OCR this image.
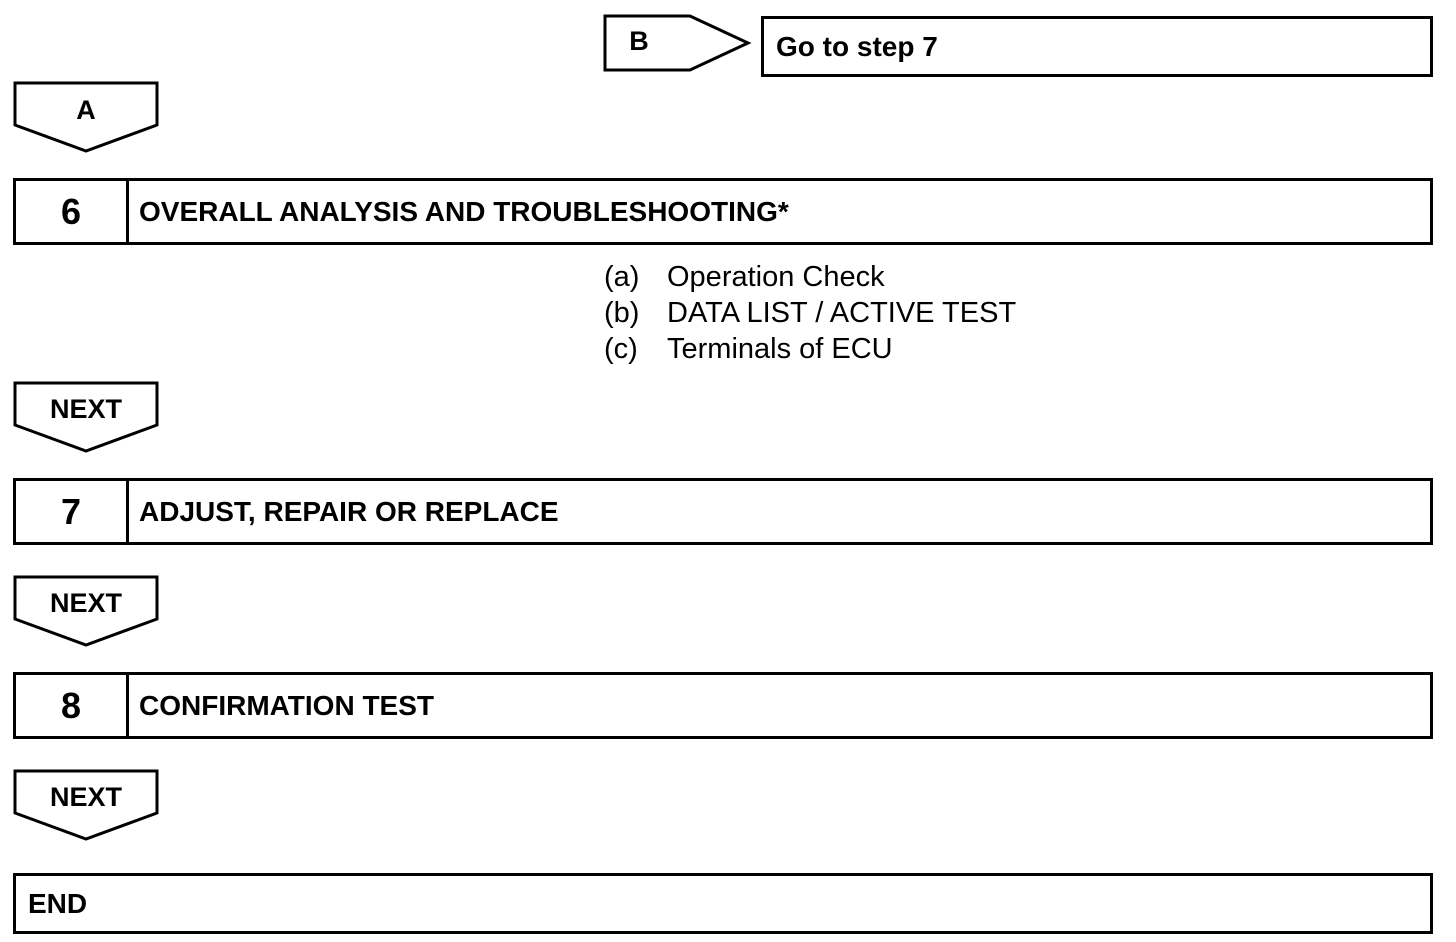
B	Go to step 7
A
6	OVERALL ANALYSIS AND TROUBLESHOOTING*
(a) Operation Check
(b) DATA LIST / ACTIVE TEST
(c) Terminals of ECU
NEXT
7	ADJUST, REPAIR OR REPLACE
NEXT
8	CONFIRMATION TEST
NEXT
END
